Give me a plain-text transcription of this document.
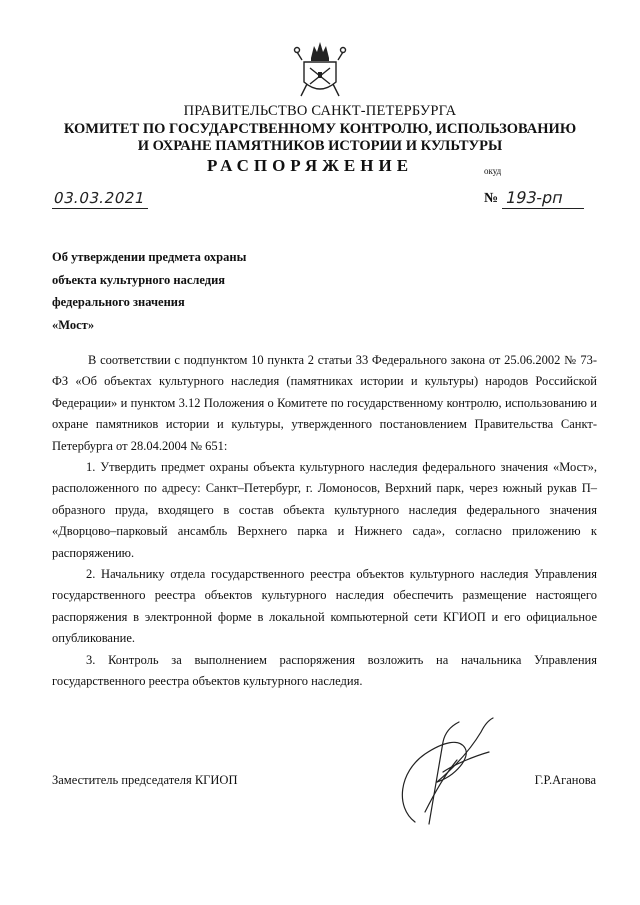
ПРАВИТЕЛЬСТВО САНКТ-ПЕТЕРБУРГА
КОМИТЕТ ПО ГОСУДАРСТВЕННОМУ КОНТРОЛЮ, ИСПОЛЬЗОВАНИЮ
И ОХРАНЕ ПАМЯТНИКОВ ИСТОРИИ И КУЛЬТУРЫ
РАСПОРЯЖЕНИЕ	окуд
03.03.2021	№ 193-рп
Об утверждении предмета охраны
объекта культурного наследия
федерального значения
«Мост»

В соответствии с подпунктом 10 пункта 2 статьи 33 Федерального закона от 25.06.2002 № 73-ФЗ «Об объектах культурного наследия (памятниках истории и культуры) народов Российской Федерации» и пунктом 3.12 Положения о Комитете по государственному контролю, использованию и охране памятников истории и культуры, утвержденного постановлением Правительства Санкт-Петербурга от 28.04.2004 № 651:

1. Утвердить предмет охраны объекта культурного наследия федерального значения «Мост», расположенного по адресу: Санкт–Петербург, г. Ломоносов, Верхний парк, через южный рукав П–образного пруда, входящего в состав объекта культурного наследия федерального значения «Дворцово–парковый ансамбль Верхнего парка и Нижнего сада», согласно приложению к распоряжению.

2. Начальнику отдела государственного реестра объектов культурного наследия Управления государственного реестра объектов культурного наследия обеспечить размещение настоящего распоряжения в электронной форме в локальной компьютерной сети КГИОП и его официальное опубликование.

3. Контроль за выполнением распоряжения возложить на начальника Управления государственного реестра объектов культурного наследия.

Заместитель председателя КГИОП	Г.Р.Аганова
